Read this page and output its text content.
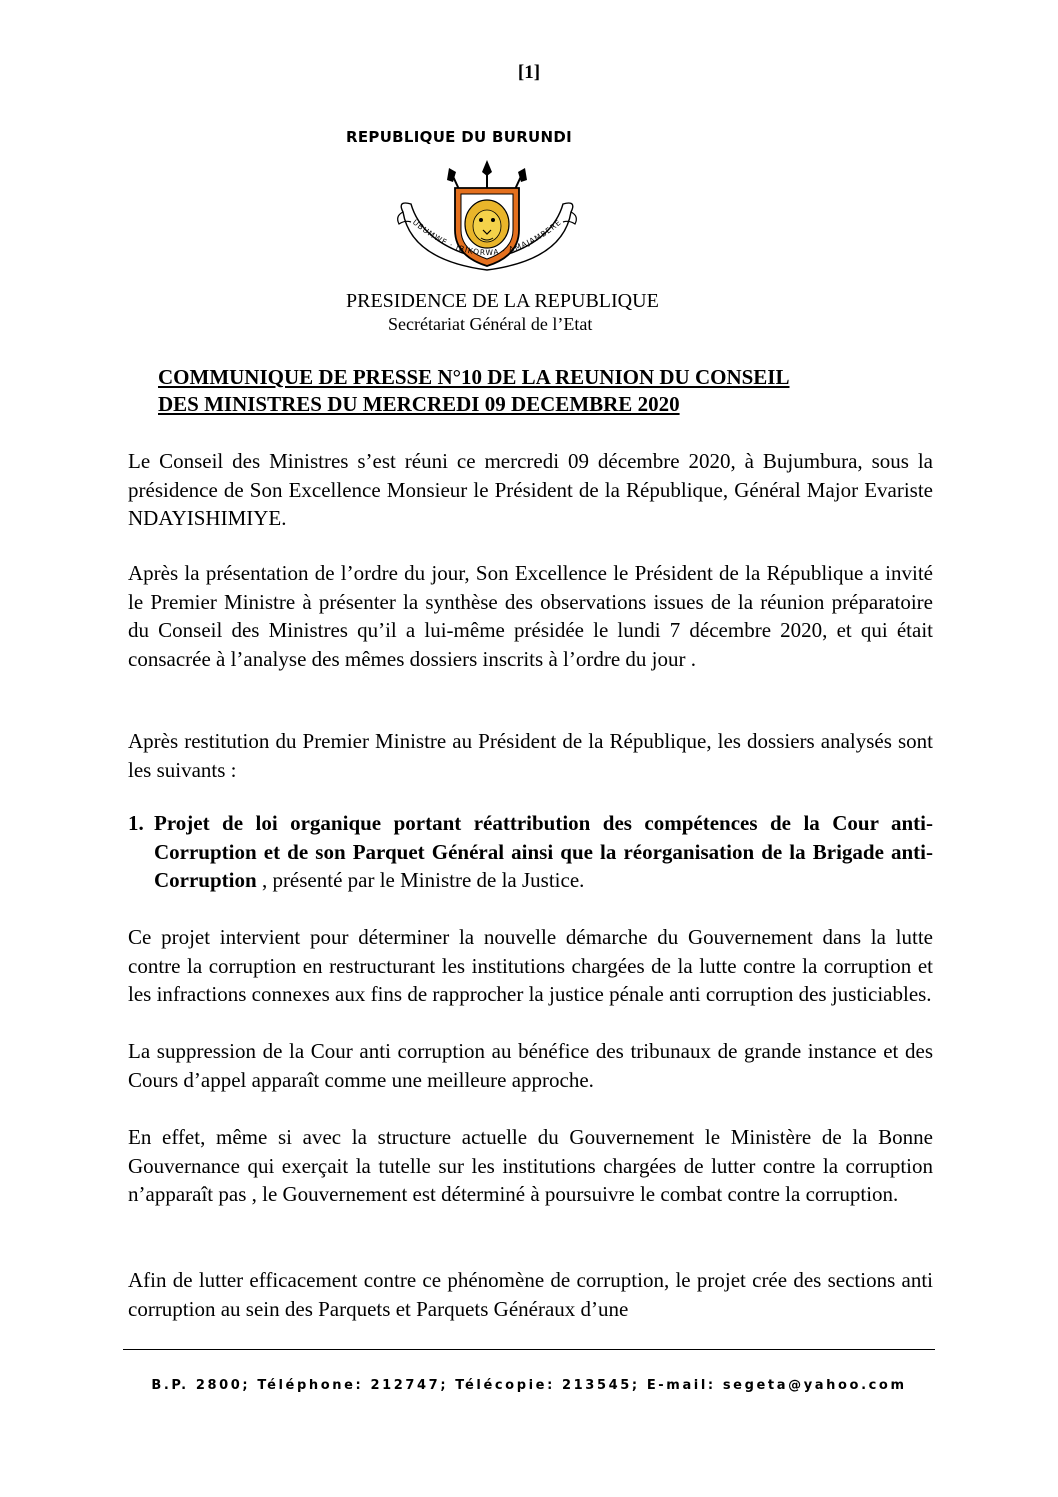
[1]
REPUBLIQUE DU BURUNDI
UBUMWE · IBIKORWA · AMAJAMBERE
PRESIDENCE DE LA REPUBLIQUE
Secrétariat Général de l’Etat
COMMUNIQUE DE PRESSE N°10 DE LA REUNION DU CONSEIL
DES MINISTRES DU MERCREDI 09 DECEMBRE 2020
Le Conseil des Ministres s’est réuni ce mercredi 09 décembre 2020, à Bujumbura, sous la présidence de Son Excellence Monsieur le Président de la République, Général Major Evariste NDAYISHIMIYE.
Après la présentation de l’ordre du jour, Son Excellence le Président de la République a invité le Premier Ministre à présenter la synthèse des observations issues de la réunion préparatoire du Conseil des Ministres qu’il a lui-même présidée le lundi 7 décembre 2020, et qui était consacrée à l’analyse des mêmes dossiers inscrits à l’ordre du jour .
Après restitution du Premier Ministre au Président de la République, les dossiers analysés sont les suivants :
1. Projet de loi organique portant réattribution des compétences de la Cour anti- Corruption et de son Parquet Général ainsi que la réorganisation de la Brigade anti- Corruption , présenté par le Ministre de la Justice.
Ce projet intervient pour déterminer la nouvelle démarche du Gouvernement dans la lutte contre la corruption en restructurant les institutions chargées de la lutte contre la corruption et les infractions connexes aux fins de rapprocher la justice pénale anti corruption des justiciables.
La suppression de la Cour anti corruption au bénéfice des tribunaux de grande instance et des Cours d’appel apparaît comme une meilleure approche.
En effet, même si avec la structure actuelle du Gouvernement le Ministère de la Bonne Gouvernance qui exerçait la tutelle sur les institutions chargées de lutter contre la corruption n’apparaît pas , le Gouvernement est déterminé à poursuivre le combat contre la corruption.
Afin de lutter efficacement contre ce phénomène de corruption, le projet crée des sections anti corruption au sein des Parquets et Parquets Généraux d’une
B.P. 2800; Téléphone: 212747; Télécopie: 213545; E-mail: segeta@yahoo.com
